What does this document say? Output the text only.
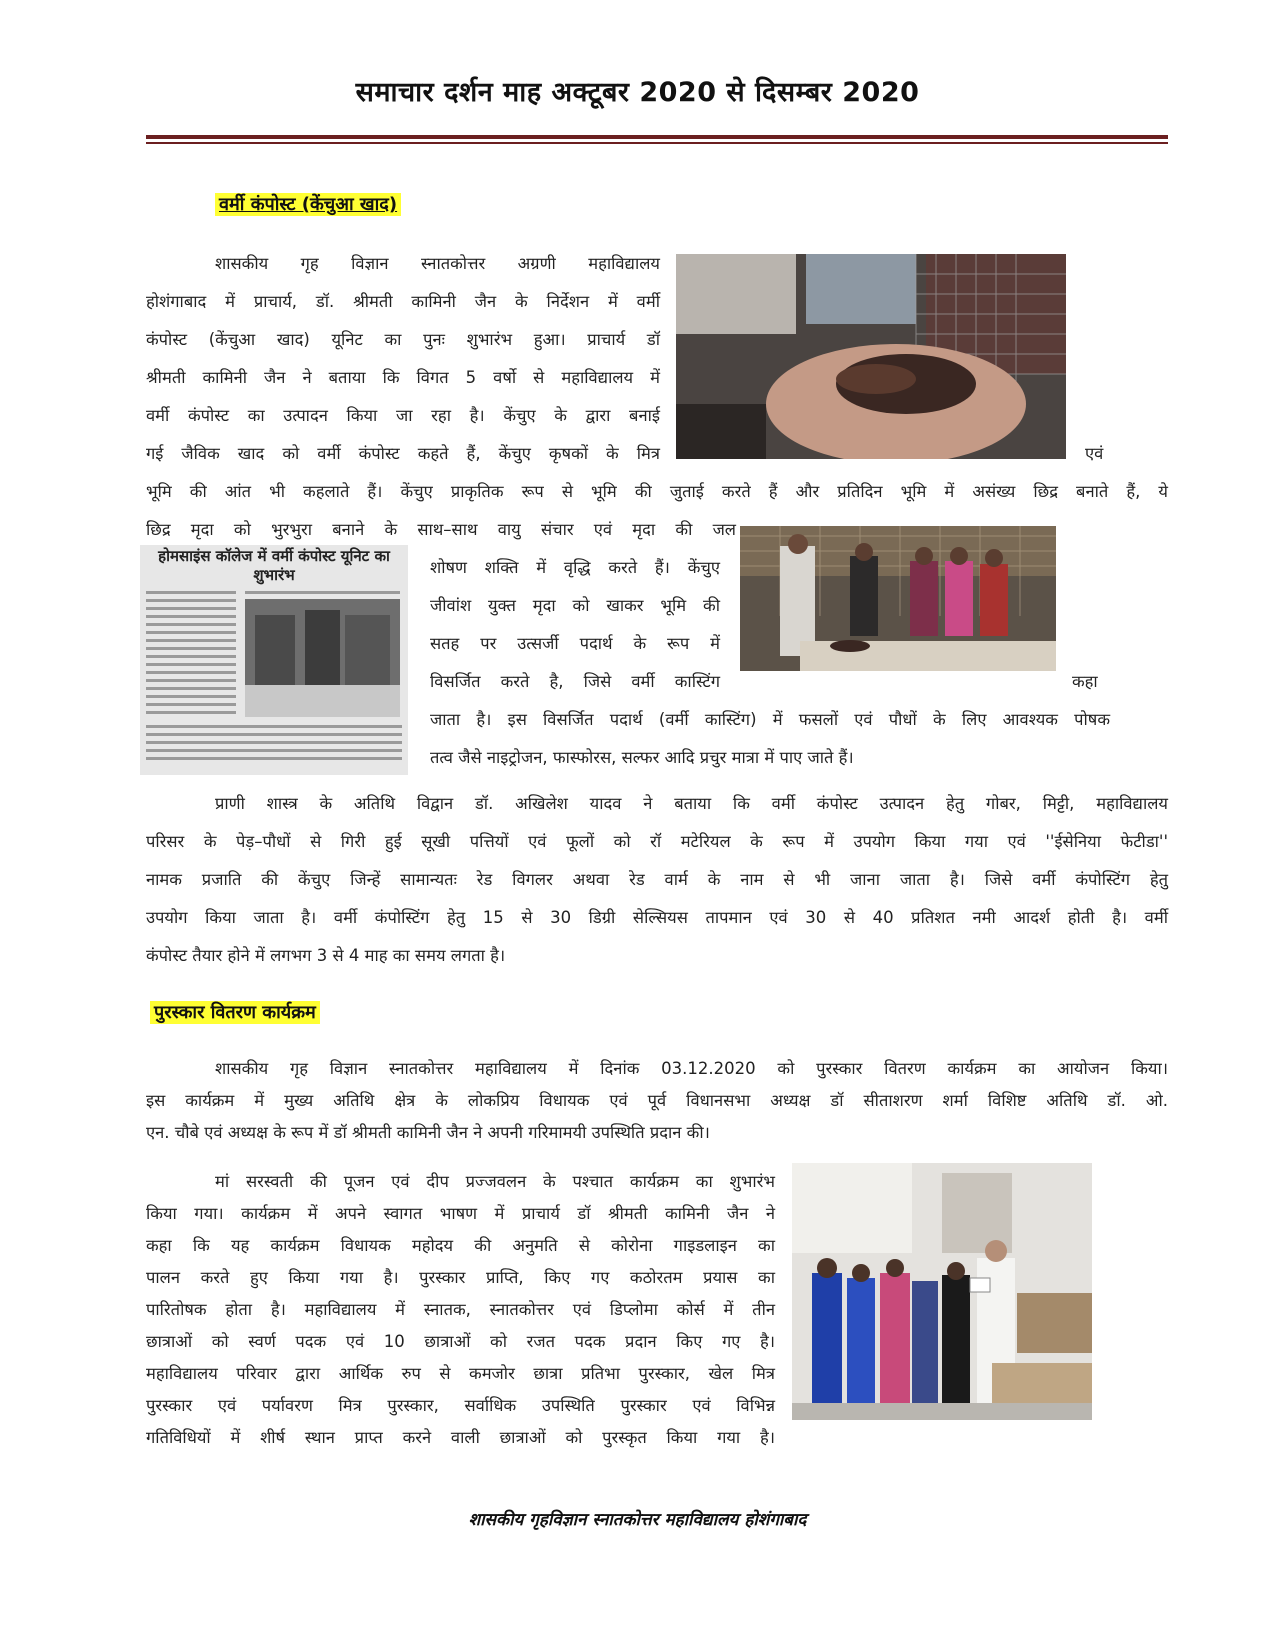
समाचार दर्शन माह अक्टूबर 2020 से दिसम्बर 2020
वर्मी कंपोस्ट (केंचुआ खाद)
शासकीय गृह विज्ञान स्नातकोत्तर अग्रणी महाविद्यालय
होशंगाबाद में प्राचार्य, डॉ. श्रीमती कामिनी जैन के निर्देशन में वर्मी
कंपोस्ट (केंचुआ खाद) यूनिट का पुनः शुभारंभ हुआ। प्राचार्य डॉ
श्रीमती कामिनी जैन ने बताया कि विगत 5 वर्षो से महाविद्यालय में
वर्मी कंपोस्ट का उत्पादन किया जा रहा है। केंचुए के द्वारा बनाई
गई जैविक खाद को वर्मी कंपोस्ट कहते हैं, केंचुए कृषकों के मित्र	एवं
भूमि की आंत भी कहलाते हैं। केंचुए प्राकृतिक रूप से भूमि की जुताई करते हैं और प्रतिदिन भूमि में असंख्य छिद्र बनाते हैं, ये
छिद्र मृदा को भुरभुरा बनाने के साथ–साथ वायु संचार एवं मृदा की जल
शोषण शक्ति में वृद्धि करते हैं। केंचुए
जीवांश युक्त मृदा को खाकर भूमि की
सतह पर उत्सर्जी पदार्थ के रूप में
विसर्जित करते है, जिसे वर्मी कास्टिंग	कहा
जाता है। इस विसर्जित पदार्थ (वर्मी कास्टिंग) में फसलों एवं पौधों के लिए आवश्यक पोषक
तत्व जैसे नाइट्रोजन, फास्फोरस, सल्फर आदि प्रचुर मात्रा में पाए जाते हैं।
होमसाइंस कॉलेज में वर्मी कंपोस्ट यूनिट का शुभारंभ
प्राणी शास्त्र के अतिथि विद्वान डॉ. अखिलेश यादव ने बताया कि वर्मी कंपोस्ट उत्पादन हेतु गोबर, मिट्टी, महाविद्यालय
परिसर के पेड़–पौधों से गिरी हुई सूखी पत्तियों एवं फूलों को रॉ मटेरियल के रूप में उपयोग किया गया एवं ''ईसेनिया फेटीडा''
नामक प्रजाति की केंचुए जिन्हें सामान्यतः रेड विगलर अथवा रेड वार्म के नाम से भी जाना जाता है। जिसे वर्मी कंपोस्टिंग हेतु
उपयोग किया जाता है। वर्मी कंपोस्टिंग हेतु 15 से 30 डिग्री सेल्सियस तापमान एवं 30 से 40 प्रतिशत नमी आदर्श होती है। वर्मी
कंपोस्ट तैयार होने में लगभग 3 से 4 माह का समय लगता है।
पुरस्कार वितरण कार्यक्रम
शासकीय गृह विज्ञान स्नातकोत्तर महाविद्यालय में दिनांक 03.12.2020 को पुरस्कार वितरण कार्यक्रम का आयोजन किया।
इस कार्यक्रम में मुख्य अतिथि क्षेत्र के लोकप्रिय विधायक एवं पूर्व विधानसभा अध्यक्ष डॉ सीताशरण शर्मा विशिष्ट अतिथि डॉ. ओ.
एन. चौबे एवं अध्यक्ष के रूप में डॉ श्रीमती कामिनी जैन ने अपनी गरिमामयी उपस्थिति प्रदान की।
मां सरस्वती की पूजन एवं दीप प्रज्जवलन के पश्चात कार्यक्रम का शुभारंभ
किया गया। कार्यक्रम में अपने स्वागत भाषण में प्राचार्य डॉ श्रीमती कामिनी जैन ने
कहा कि यह कार्यक्रम विधायक महोदय की अनुमति से कोरोना गाइडलाइन का
पालन करते हुए किया गया है। पुरस्कार प्राप्ति, किए गए कठोरतम प्रयास का
पारितोषक होता है। महाविद्यालय में स्नातक, स्नातकोत्तर एवं डिप्लोमा कोर्स में तीन
छात्राओं को स्वर्ण पदक एवं 10 छात्राओं को रजत पदक प्रदान किए गए है।
महाविद्यालय परिवार द्वारा आर्थिक रुप से कमजोर छात्रा प्रतिभा पुरस्कार, खेल मित्र
पुरस्कार एवं पर्यावरण मित्र पुरस्कार, सर्वाधिक उपस्थिति पुरस्कार एवं विभिन्न
गतिविधियों में शीर्ष स्थान प्राप्त करने वाली छात्राओं को पुरस्कृत किया गया है।
शासकीय गृहविज्ञान स्नातकोत्तर महाविद्यालय होशंगाबाद
